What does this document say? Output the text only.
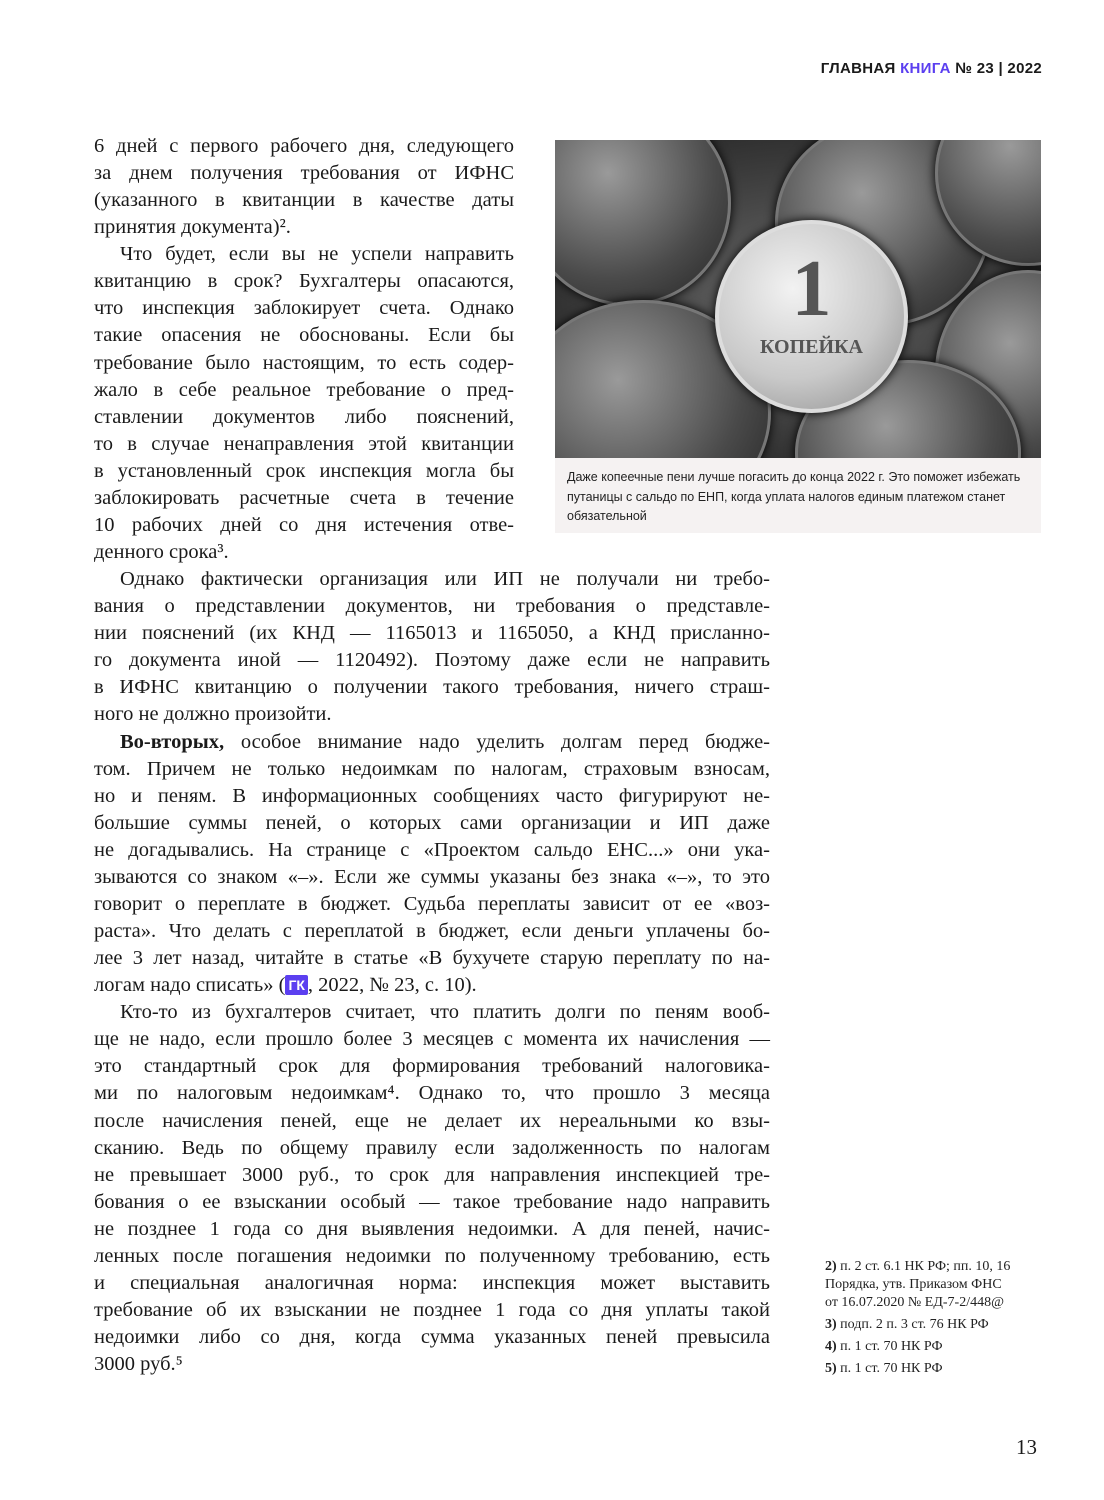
ГЛАВНАЯ КНИГА № 23 | 2022
6 дней с первого рабочего дня, следующего
за днем получения требования от ИФНС
(указанного в квитанции в качестве даты
принятия документа)².
Что будет, если вы не успели направить
квитанцию в срок? Бухгалтеры опасаются,
что инспекция заблокирует счета. Однако
такие опасения не обоснованы. Если бы
требование было настоящим, то есть содер-
жало в себе реальное требование о пред-
ставлении документов либо пояснений,
то в случае ненаправления этой квитанции
в установленный срок инспекция могла бы
заблокировать расчетные счета в течение
10 рабочих дней со дня истечения отве-
денного срока³.
Однако фактически организация или ИП не получали ни требо-
вания о представлении документов, ни требования о представле-
нии пояснений (их КНД — 1165013 и 1165050, а КНД присланно-
го документа иной — 1120492). Поэтому даже если не направить
в ИФНС квитанцию о получении такого требования, ничего страш-
ного не должно произойти.
Во-вторых, особое внимание надо уделить долгам перед бюдже-
том. Причем не только недоимкам по налогам, страховым взносам,
но и пеням. В информационных сообщениях часто фигурируют не-
большие суммы пеней, о которых сами организации и ИП даже
не догадывались. На странице с «Проектом сальдо ЕНС...» они ука-
зываются со знаком «–». Если же суммы указаны без знака «–», то это
говорит о переплате в бюджет. Судьба переплаты зависит от ее «воз-
раста». Что делать с переплатой в бюджет, если деньги уплачены бо-
лее 3 лет назад, читайте в статье «В бухучете старую переплату по на-
логам надо списать» ( ГК , 2022, № 23, с. 10).
Кто-то из бухгалтеров считает, что платить долги по пеням вооб-
ще не надо, если прошло более 3 месяцев с момента их начисления —
это стандартный срок для формирования требований налоговика-
ми по налоговым недоимкам⁴. Однако то, что прошло 3 месяца
после начисления пеней, еще не делает их нереальными ко взы-
сканию. Ведь по общему правилу если задолженность по налогам
не превышает 3000 руб., то срок для направления инспекцией тре-
бования о ее взыскании особый — такое требование надо направить
не позднее 1 года со дня выявления недоимки. А для пеней, начис-
ленных после погашения недоимки по полученному требованию, есть
и специальная аналогичная норма: инспекция может выставить
требование об их взыскании не позднее 1 года со дня уплаты такой
недоимки либо со дня, когда сумма указанных пеней превысила
3000 руб.⁵
1
КОПЕЙКА
Даже копеечные пени лучше погасить до конца 2022 г. Это поможет избежать путаницы с сальдо по ЕНП, когда уплата налогов единым платежом станет обязательной
2) п. 2 ст. 6.1 НК РФ; пп. 10, 16
Порядка, утв. Приказом ФНС
от 16.07.2020 № ЕД-7-2/448@
3) подп. 2 п. 3 ст. 76 НК РФ
4) п. 1 ст. 70 НК РФ
5) п. 1 ст. 70 НК РФ
13
